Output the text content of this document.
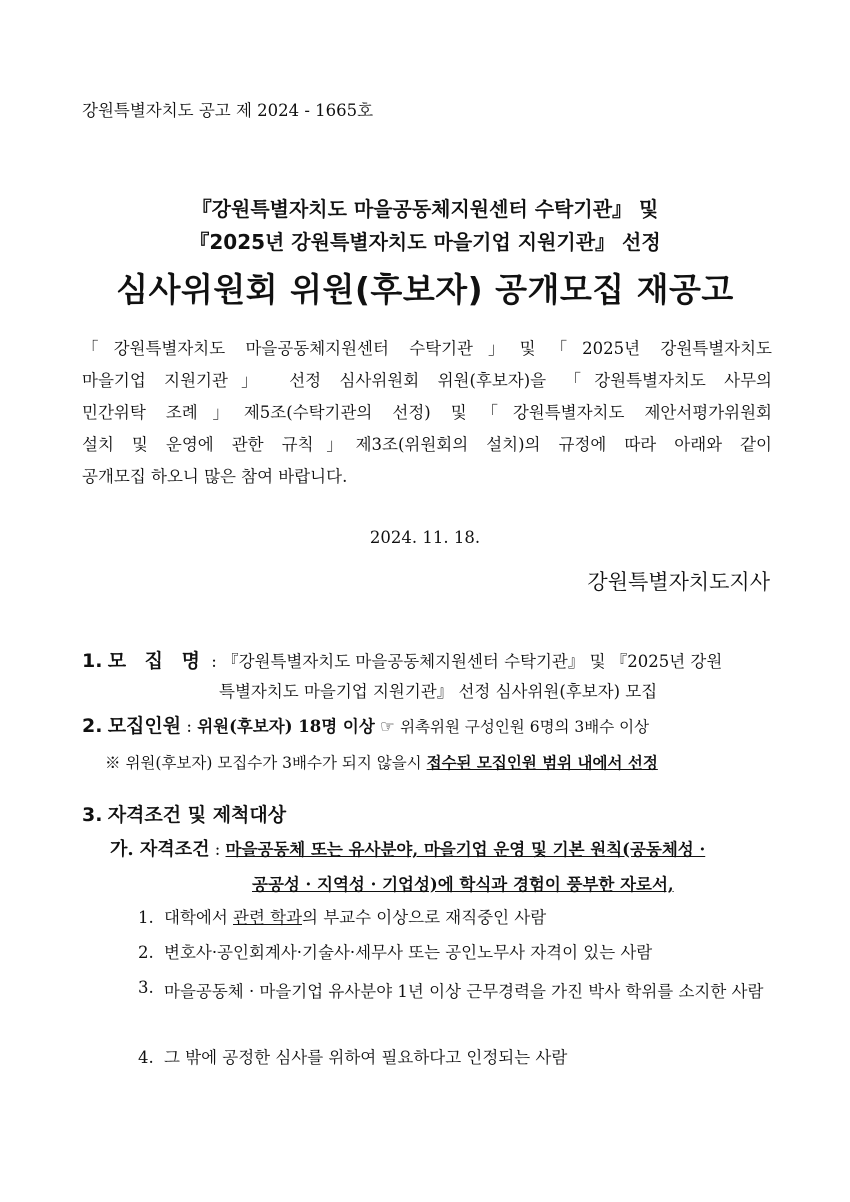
강원특별자치도 공고 제 2024 - 1665호
『강원특별자치도 마을공동체지원센터 수탁기관』 및
『2025년 강원특별자치도 마을기업 지원기관』 선정
심사위원회 위원(후보자) 공개모집 재공고

「강원특별자치도 마을공동체지원센터 수탁기관」및「2025년 강원특별자치도

마을기업 지원기관」 선정 심사위원회 위원(후보자)을 「강원특별자치도 사무의

민간위탁 조례」제5조(수탁기관의 선정) 및「강원특별자치도 제안서평가위원회

설치 및 운영에 관한 규칙」제3조(위원회의 설치)의 규정에 따라 아래와 같이

공개모집 하오니 많은 참여 바랍니다.

2024. 11. 18.
강원특별자치도지사
1. 모 집 명 : 『강원특별자치도 마을공동체지원센터 수탁기관』 및 『2025년 강원
특별자치도 마을기업 지원기관』 선정 심사위원(후보자) 모집
2. 모집인원 : 위원(후보자) 18명 이상 ☞ 위촉위원 구성인원 6명의 3배수 이상
※ 위원(후보자) 모집수가 3배수가 되지 않을시 접수된 모집인원 범위 내에서 선정
3. 자격조건 및 제척대상
가. 자격조건 : 마을공동체 또는 유사분야, 마을기업 운영 및 기본 원칙(공동체성 ·
공공성 · 지역성 · 기업성)에 학식과 경험이 풍부한 자로서,
1. 대학에서 관련 학과의 부교수 이상으로 재직중인 사람
2. 변호사·공인회계사·기술사·세무사 또는 공인노무사 자격이 있는 사람
3. 마을공동체 · 마을기업 유사분야 1년 이상 근무경력을 가진 박사 학위를 소지한 사람
4. 그 밖에 공정한 심사를 위하여 필요하다고 인정되는 사람
